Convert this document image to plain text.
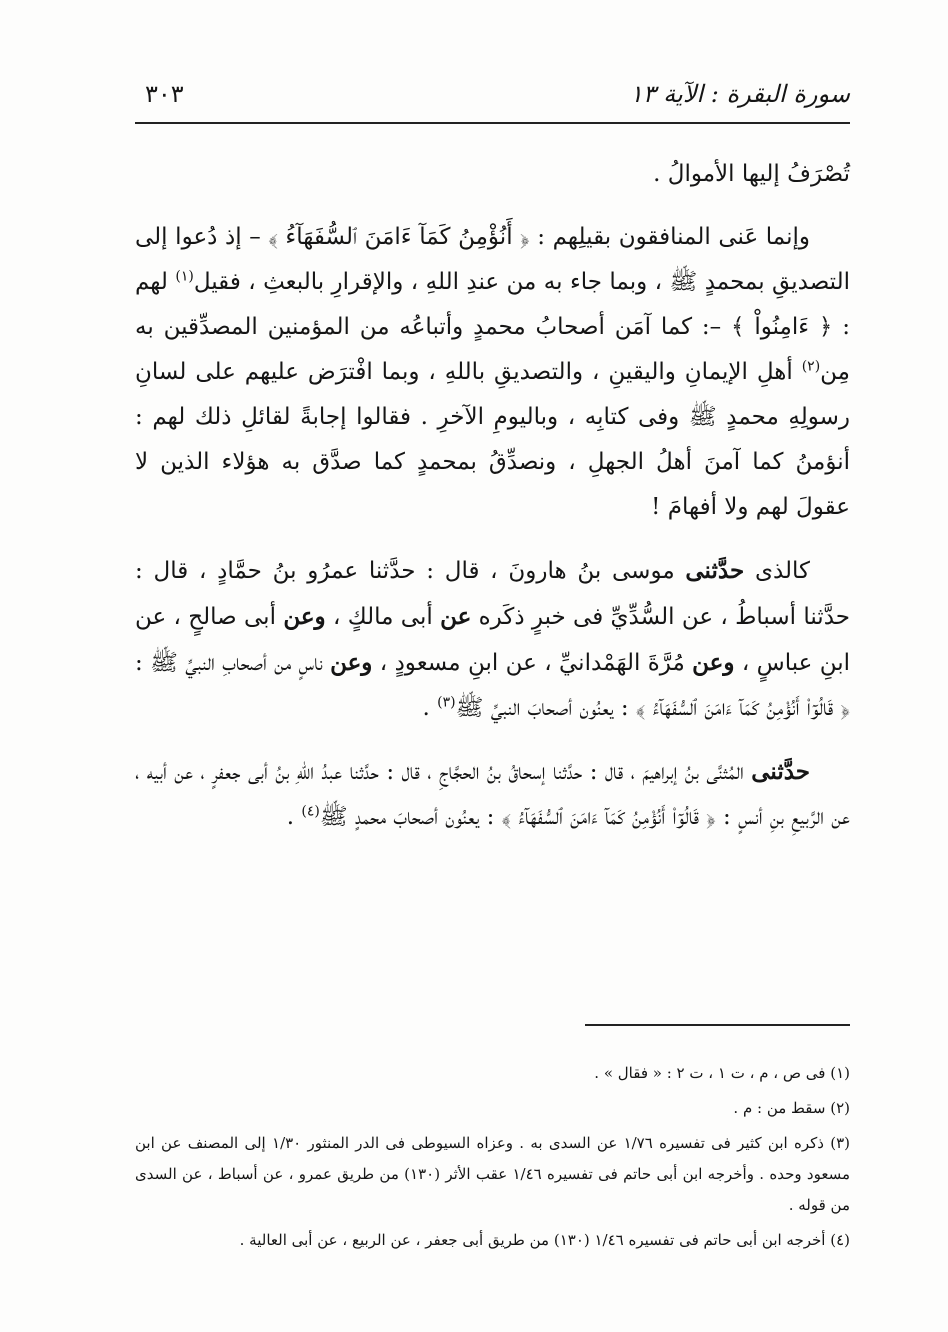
سورة البقرة : الآية ١٣
٣٠٣

تُصْرَفُ إليها الأموالُ .

وإنما عَنى المنافقون بقيلِهم : ﴿ أَنُؤْمِنُ كَمَآ ءَامَنَ ٱلسُّفَهَآءُ ﴾ – إذ دُعوا إلى التصديقِ بمحمدٍ ﷺ ، وبما جاء به من عندِ اللهِ ، والإقرارِ بالبعثِ ، فقيل$^{(١)}$ لهم : ﴿ ءَامِنُواْ ﴾ –: كما آمَن أصحابُ محمدٍ وأتباعُه من المؤمنين المصدِّقين به مِن$^{(٢)}$ أهلِ الإيمانِ واليقينِ ، والتصديقِ باللهِ ، وبما افْترَض عليهم على لسانِ رسولِهِ محمدٍ ﷺ وفى كتابِه ، وباليومِ الآخرِ . فقالوا إجابةً لقائلِ ذلك لهم : أنؤمنُ كما آمنَ أهلُ الجهلِ ، ونصدِّقُ بمحمدٍ كما صدَّق به هؤلاء الذين لا عقولَ لهم ولا أفهامَ !

كالذى حدَّثنى موسى بنُ هارونَ ، قال : حدَّثنا عمرُو بنُ حمَّادٍ ، قال : حدَّثنا أسباطُ ، عن السُّدِّيِّ فى خبرٍ ذكَره عن أبى مالكٍ ، وعن أبى صالحٍ ، عن ابنِ عباسٍ ، وعن مُرَّةَ الهَمْدانيِّ ، عن ابنِ مسعودٍ ، وعن ناسٍ من أصحابِ النبيِّ ﷺ : ﴿ قَالُوٓاْ أَنُؤْمِنُ كَمَآ ءَامَنَ ٱلسُّفَهَآءُ ﴾ : يعنُون أصحابَ النبيِّ ﷺ$^{(٣)}$ .

حدَّثنى المُثنَّى بنُ إبراهيمَ ، قال : حدَّثنا إسحاقُ بنُ الحجَّاجِ ، قال : حدَّثنا عبدُ اللهِ بنُ أبى جعفرٍ ، عن أبيه ، عن الرَّبيعِ بنِ أنسٍ : ﴿ قَالُوٓاْ أَنُؤْمِنُ كَمَآ ءَامَنَ ٱلسُّفَهَآءُ ﴾ : يعنُون أصحابَ محمدٍ ﷺ$^{(٤)}$ .

(١) فى ص ، م ، ت ١ ، ت ٢ : « فقال » .

(٢) سقط من : م .

(٣) ذكره ابن كثير فى تفسيره ١/٧٦ عن السدى به . وعزاه السيوطى فى الدر المنثور ١/٣٠ إلى المصنف عن ابن مسعود وحده . وأخرجه ابن أبى حاتم فى تفسيره ١/٤٦ عقب الأثر (١٣٠) من طريق عمرو ، عن أسباط ، عن السدى من قوله .

(٤) أخرجه ابن أبى حاتم فى تفسيره ١/٤٦ (١٣٠) من طريق أبى جعفر ، عن الربيع ، عن أبى العالية .
